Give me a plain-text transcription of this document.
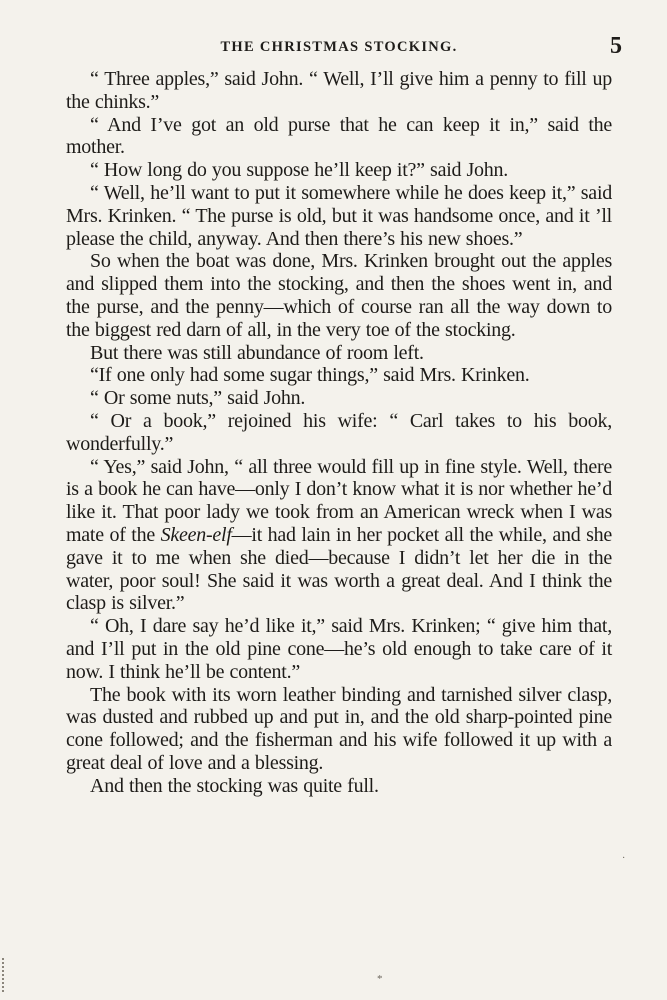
THE CHRISTMAS STOCKING.	5

“ Three apples,” said John. “ Well, I’ll give him a penny to fill up the chinks.”

“ And I’ve got an old purse that he can keep it in,” said the mother.

“ How long do you suppose he’ll keep it?” said John.

“ Well, he’ll want to put it somewhere while he does keep it,” said Mrs. Krinken. “ The purse is old, but it was handsome once, and it ’ll please the child, anyway. And then there’s his new shoes.”

So when the boat was done, Mrs. Krinken brought out the apples and slipped them into the stocking, and then the shoes went in, and the purse, and the penny—which of course ran all the way down to the biggest red darn of all, in the very toe of the stocking.

But there was still abundance of room left.

“If one only had some sugar things,” said Mrs. Krinken.

“ Or some nuts,” said John.

“ Or a book,” rejoined his wife: “ Carl takes to his book, wonderfully.”

“ Yes,” said John, “ all three would fill up in fine style. Well, there is a book he can have—only I don’t know what it is nor whether he’d like it. That poor lady we took from an American wreck when I was mate of the Skeen-elf—it had lain in her pocket all the while, and she gave it to me when she died—because I didn’t let her die in the water, poor soul! She said it was worth a great deal. And I think the clasp is silver.”

“ Oh, I dare say he’d like it,” said Mrs. Krinken; “ give him that, and I’ll put in the old pine cone—he’s old enough to take care of it now. I think he’ll be content.”

The book with its worn leather binding and tarnished silver clasp, was dusted and rubbed up and put in, and the old sharp-pointed pine cone followed; and the fisherman and his wife followed it up with a great deal of love and a blessing.

And then the stocking was quite full.

*
·
